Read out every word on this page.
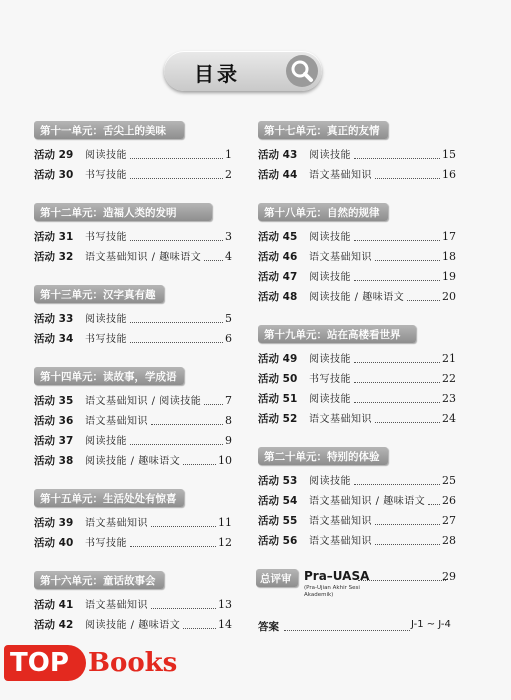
目录
第十一单元：舌尖上的美味
活动 29	阅读技能	1
活动 30	书写技能	2
第十二单元：造福人类的发明
活动 31	书写技能	3
活动 32	语文基础知识 / 趣味语文 4
第十三单元：汉字真有趣
活动 33	阅读技能	5
活动 34	书写技能	6
第十四单元：读故事，学成语
活动 35	语文基础知识 / 阅读技能 7
活动 36	语文基础知识	8
活动 37	阅读技能	9
活动 38	阅读技能 / 趣味语文	10
第十五单元：生活处处有惊喜
活动 39	语文基础知识	11
活动 40	书写技能	12
第十六单元：童话故事会
活动 41	语文基础知识	13
活动 42	阅读技能 / 趣味语文	14
第十七单元：真正的友情
活动 43	阅读技能	15
活动 44	语文基础知识	16
第十八单元：自然的规律
活动 45	阅读技能	17
活动 46	语文基础知识	18
活动 47	阅读技能	19
活动 48	阅读技能 / 趣味语文	20
第十九单元：站在高楼看世界
活动 49	阅读技能	21
活动 50	书写技能	22
活动 51	阅读技能	23
活动 52	语文基础知识	24
第二十单元：特别的体验
活动 53	阅读技能	25
活动 54	语文基础知识 / 趣味语文 26
活动 55	语文基础知识	27
活动 56	语文基础知识	28
总评审	Pra–UASA
(Pra-Ujian Akhir Sesi Akademik)
29
答案	J-1 ~ J-4
TOP Books
